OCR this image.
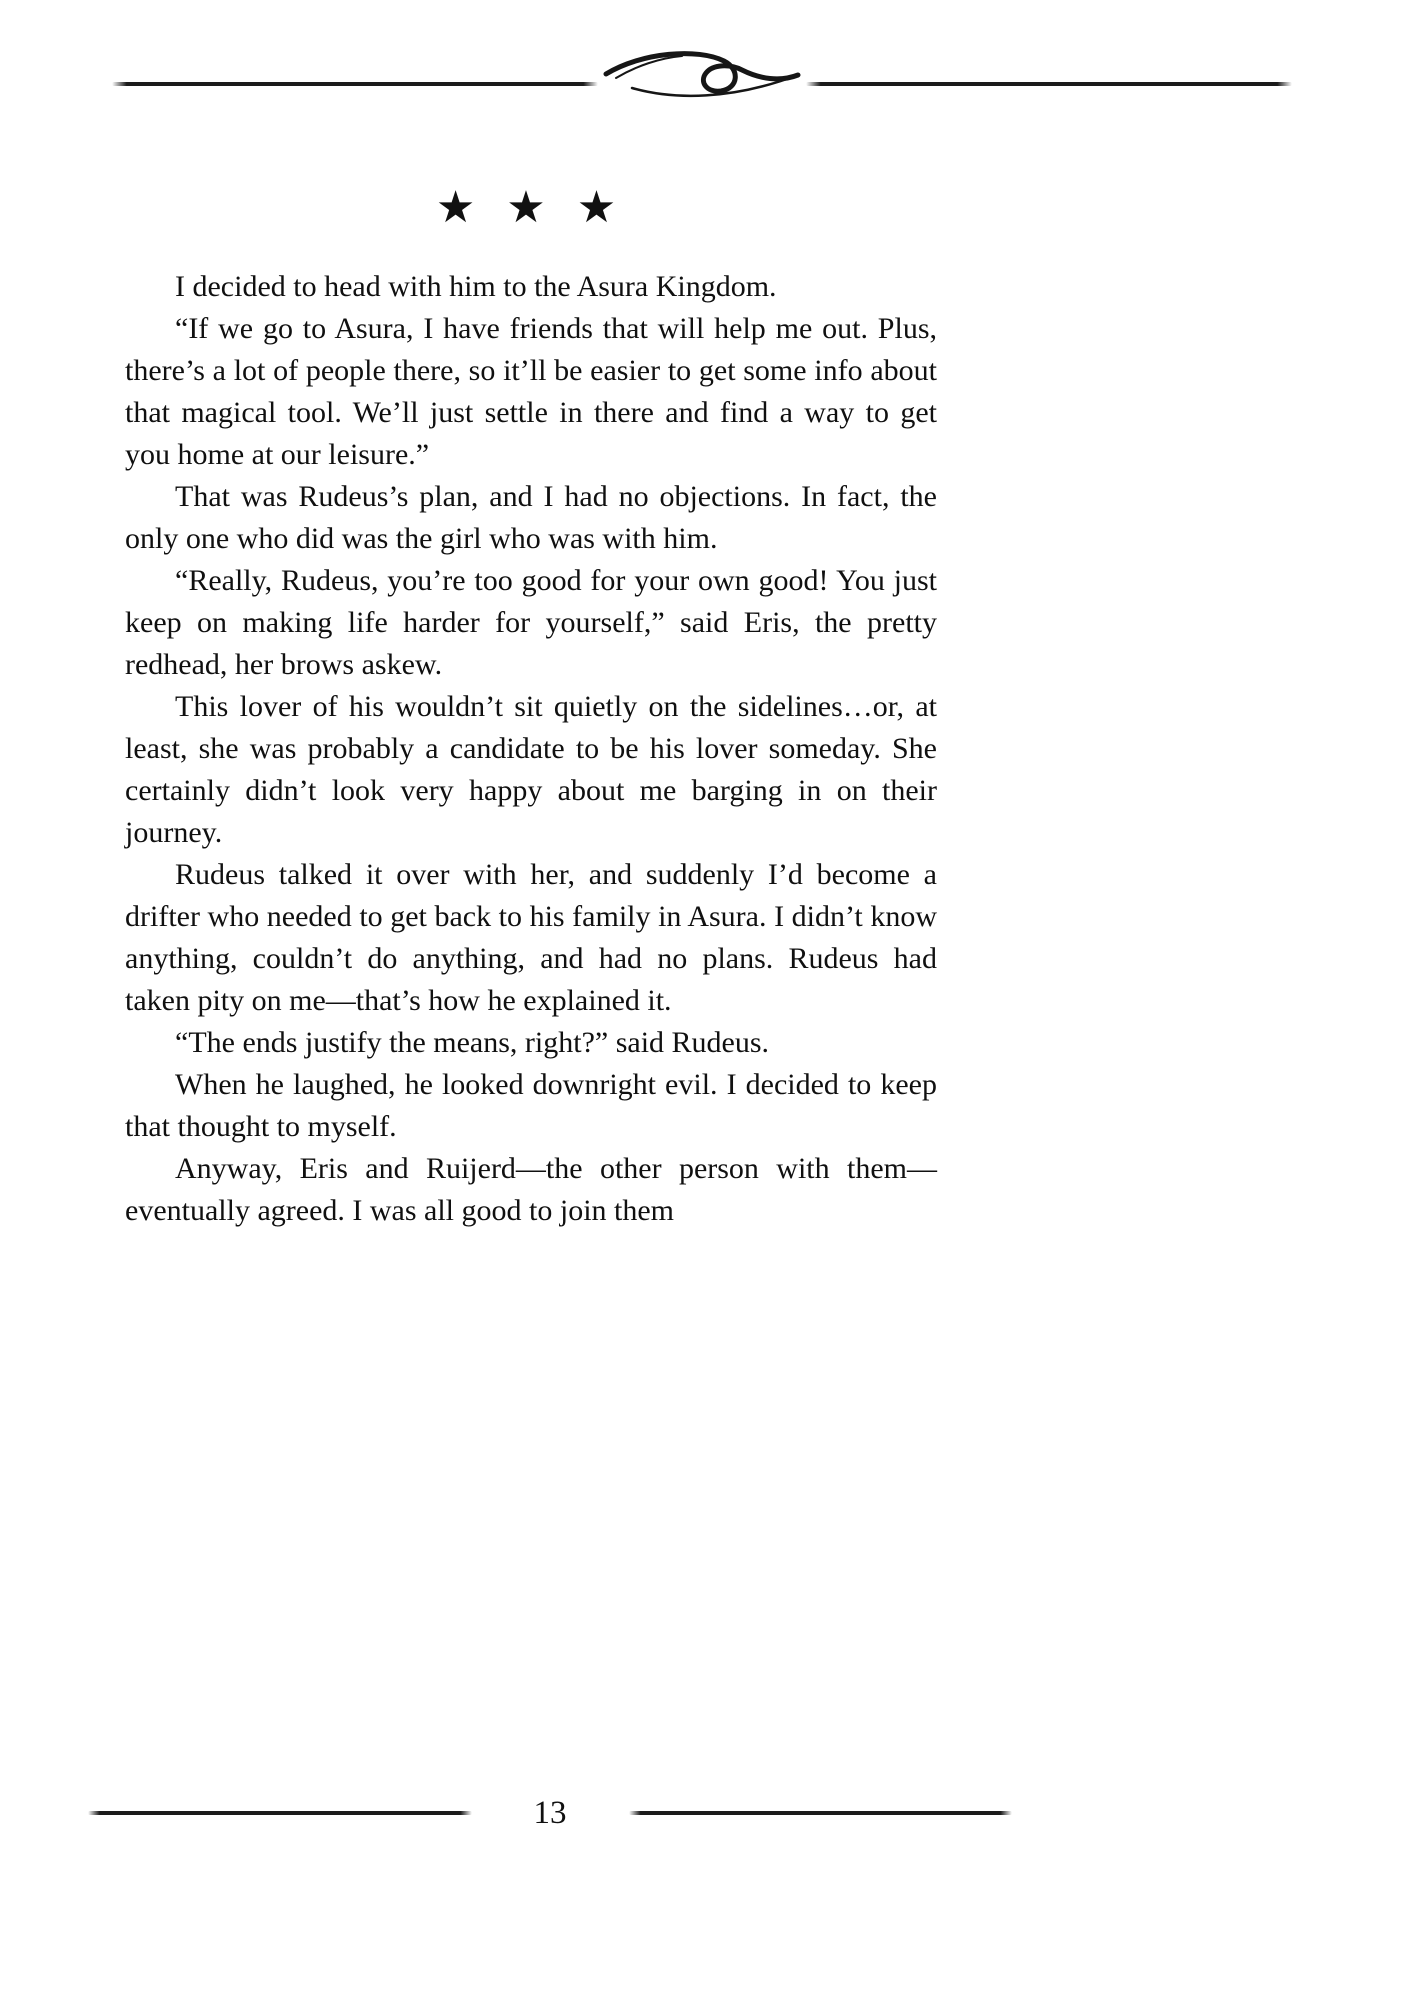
★ ★ ★

I decided to head with him to the Asura Kingdom.

“If we go to Asura, I have friends that will help me out. Plus, there’s a lot of people there, so it’ll be easier to get some info about that magical tool. We’ll just settle in there and find a way to get you home at our leisure.”

That was Rudeus’s plan, and I had no objections. In fact, the only one who did was the girl who was with him.

“Really, Rudeus, you’re too good for your own good! You just keep on making life harder for yourself,” said Eris, the pretty redhead, her brows askew.

This lover of his wouldn’t sit quietly on the sidelines…or, at least, she was probably a candidate to be his lover someday. She certainly didn’t look very happy about me barging in on their journey.

Rudeus talked it over with her, and suddenly I’d become a drifter who needed to get back to his family in Asura. I didn’t know anything, couldn’t do anything, and had no plans. Rudeus had taken pity on me—that’s how he explained it.

“The ends justify the means, right?” said Rudeus.

When he laughed, he looked downright evil. I decided to keep that thought to myself.

Anyway, Eris and Ruijerd—the other person with them—eventually agreed. I was all good to join them

13
